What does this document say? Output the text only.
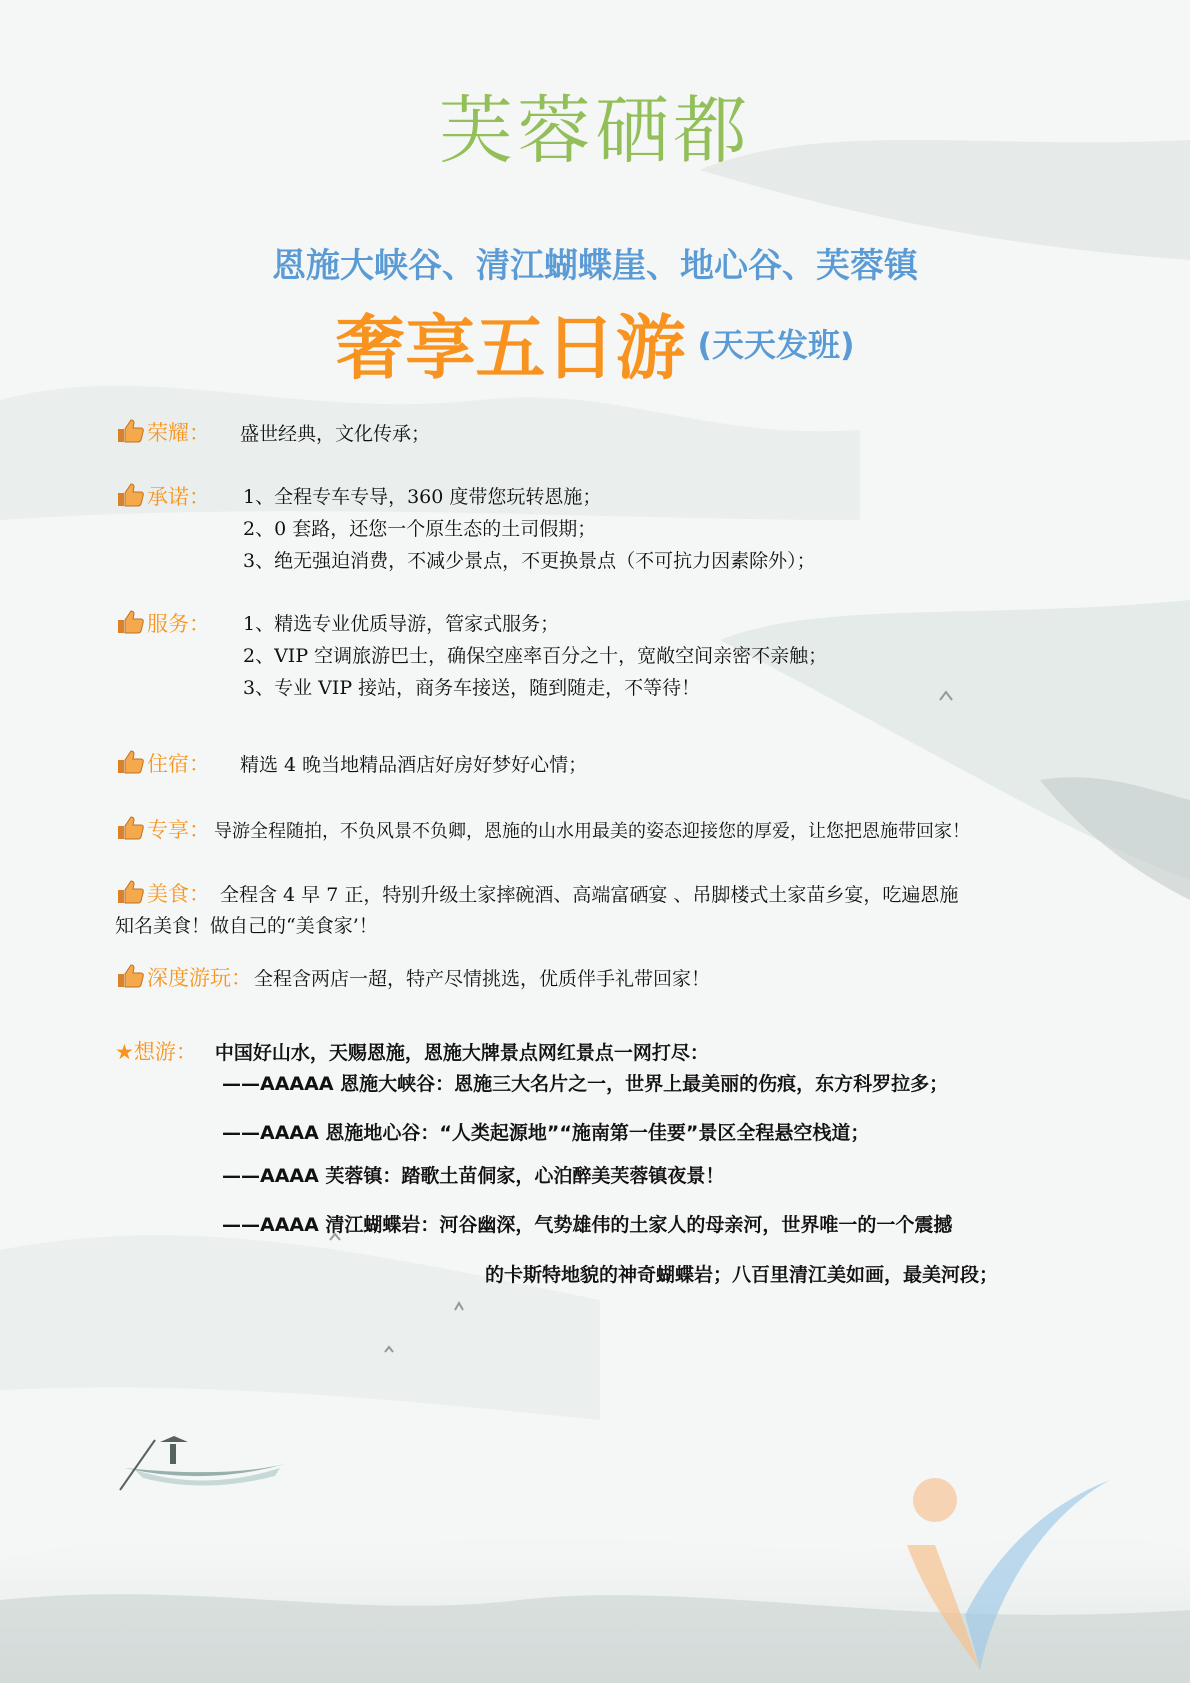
芙蓉硒都
恩施大峡谷、清江蝴蝶崖、地心谷、芙蓉镇
奢享五日游 (天天发班)
荣耀： 盛世经典，文化传承；
承诺：	1、全程专车专导，360 度带您玩转恩施；
2、0 套路，还您一个原生态的土司假期；
3、绝无强迫消费，不减少景点，不更换景点（不可抗力因素除外）；
服务：	1、精选专业优质导游，管家式服务；
2、VIP 空调旅游巴士，确保空座率百分之十，宽敞空间亲密不亲触；
3、专业 VIP 接站，商务车接送，随到随走，不等待！
住宿： 精选 4 晚当地精品酒店好房好梦好心情；
专享： 导游全程随拍，不负风景不负卿，恩施的山水用最美的姿态迎接您的厚爱，让您把恩施带回家！
美食： 全程含 4 早 7 正，特别升级土家摔碗酒、高端富硒宴 、吊脚楼式土家苗乡宴，吃遍恩施
知名美食！做自己的“美食家’！
深度游玩： 全程含两店一超，特产尽情挑选，优质伴手礼带回家！
★想游： 中国好山水，天赐恩施，恩施大牌景点网红景点一网打尽：
——AAAAA 恩施大峡谷：恩施三大名片之一，世界上最美丽的伤痕，东方科罗拉多；
——AAAA 恩施地心谷：“人类起源地”“施南第一佳要”景区全程悬空栈道；
——AAAA 芙蓉镇：踏歌土苗侗家，心泊醉美芙蓉镇夜景！
——AAAA 清江蝴蝶岩：河谷幽深，气势雄伟的土家人的母亲河，世界唯一的一个震撼
的卡斯特地貌的神奇蝴蝶岩；八百里清江美如画，最美河段；
